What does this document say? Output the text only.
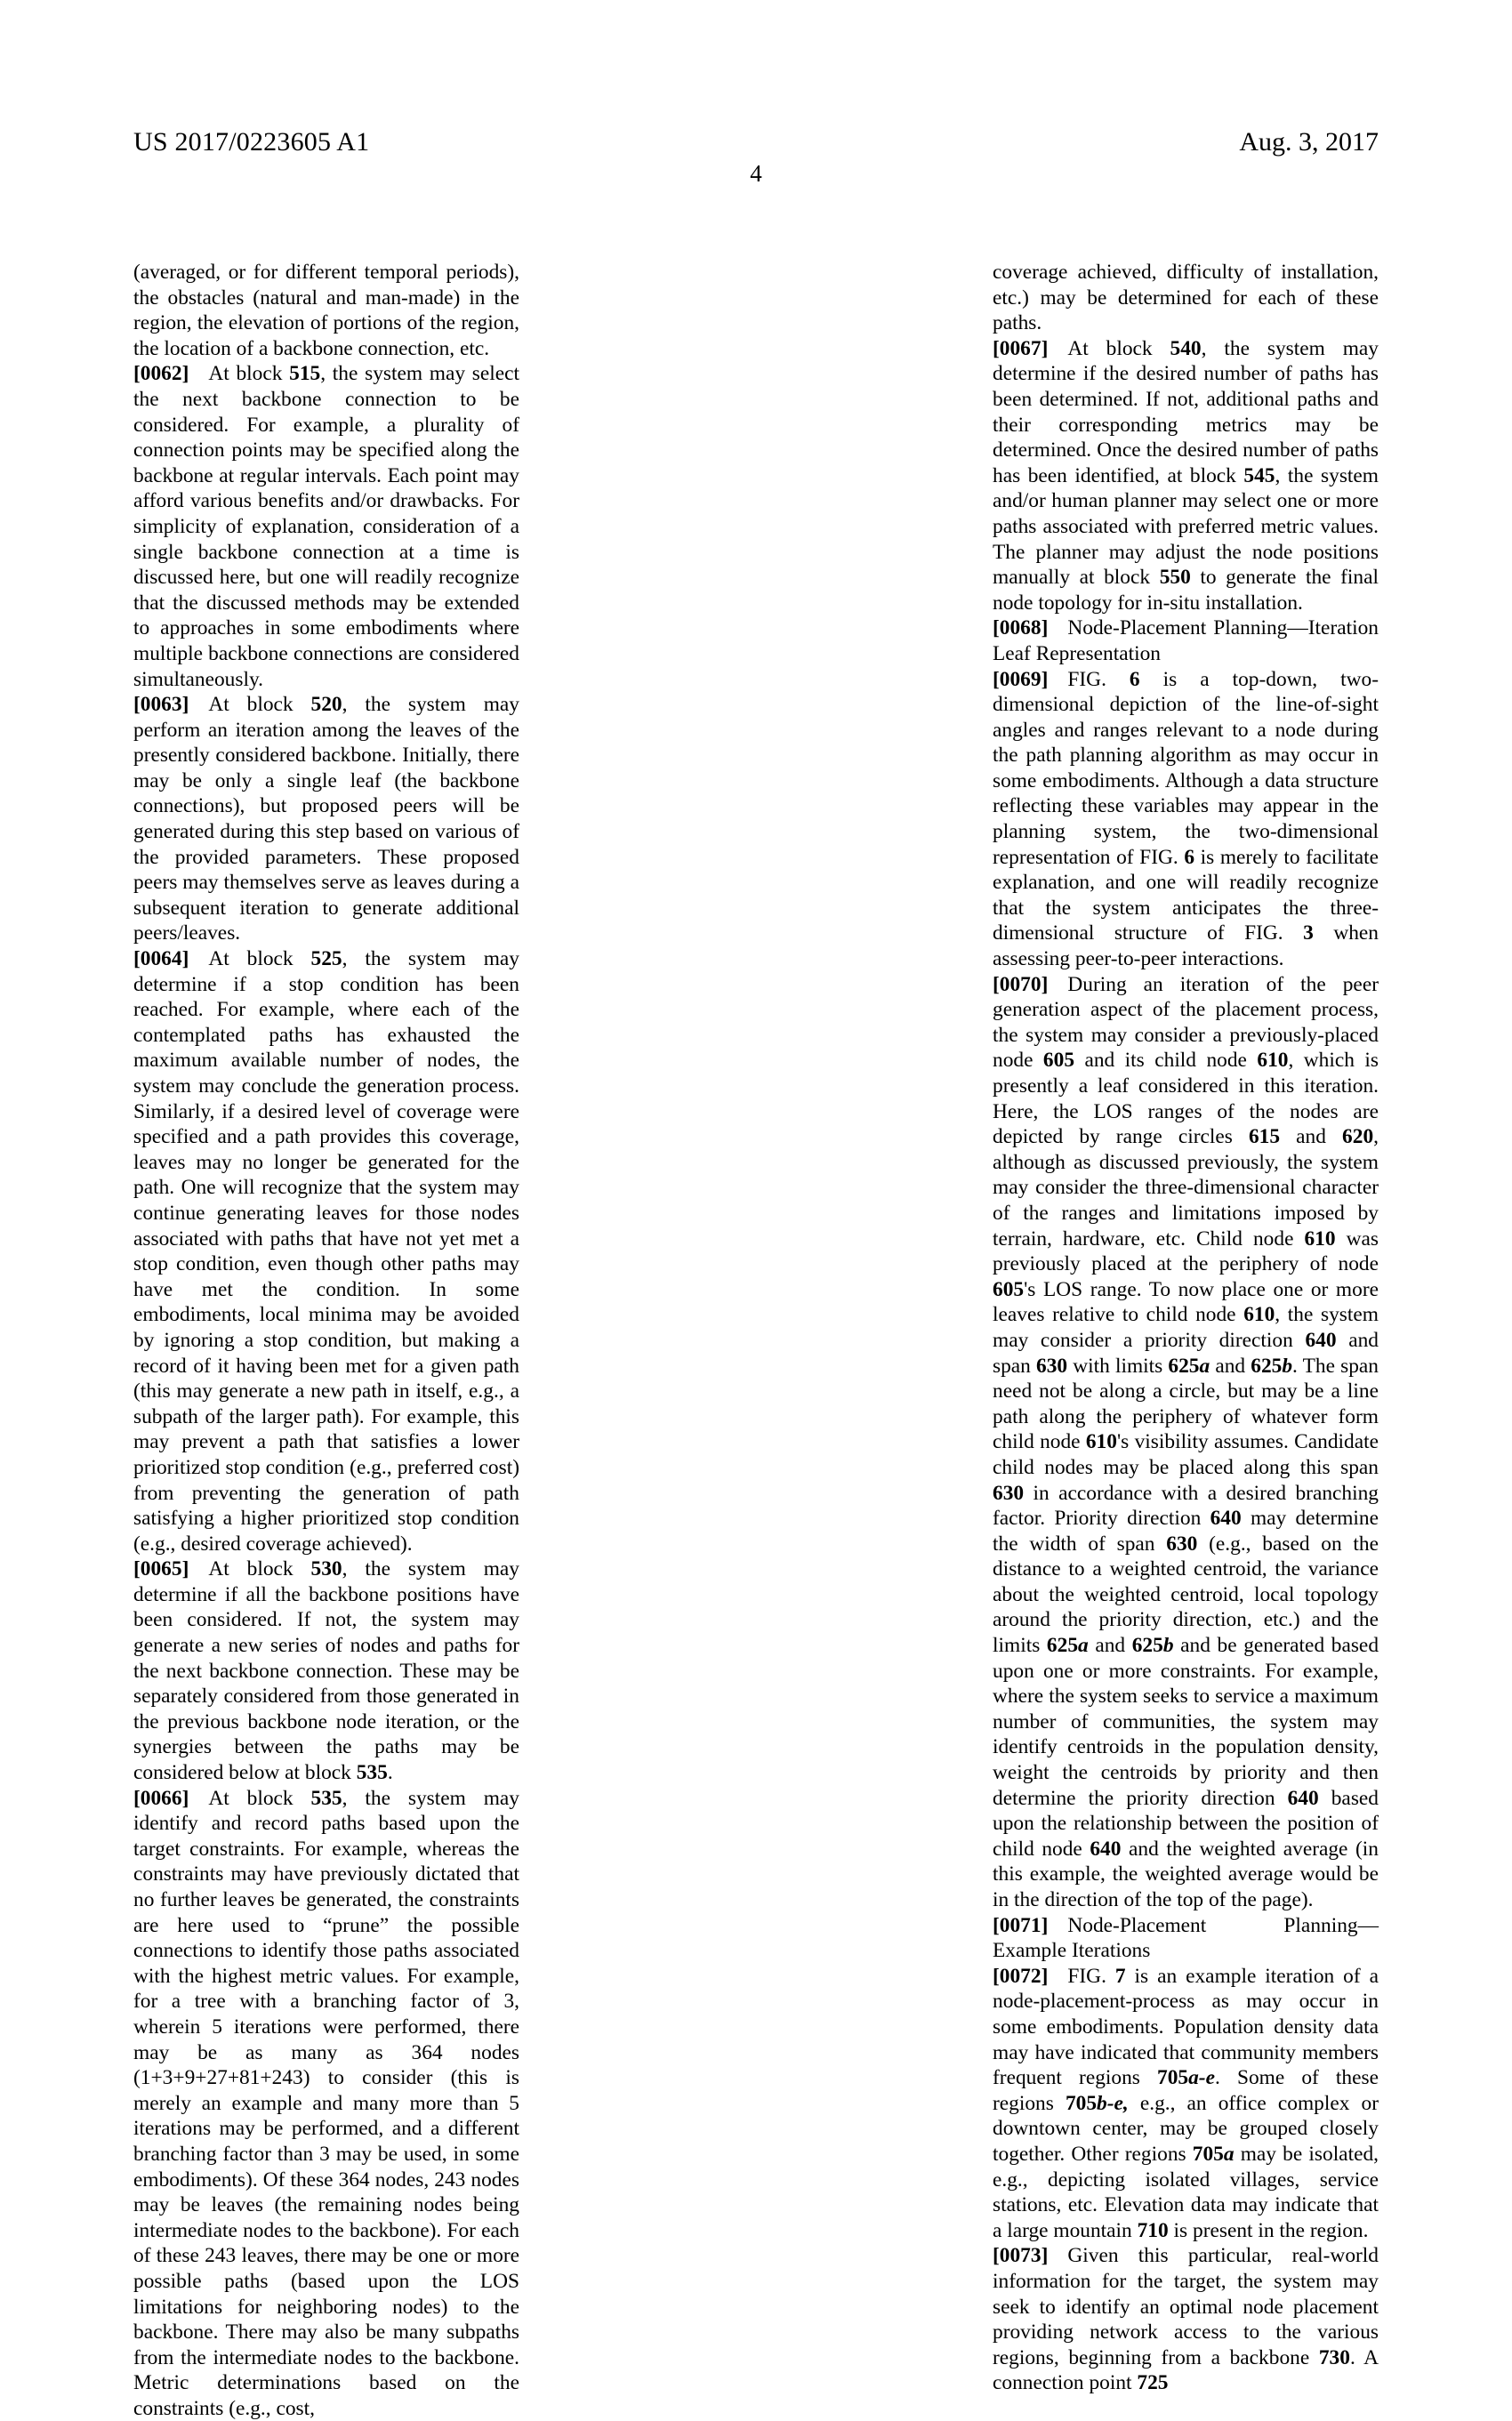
US 2017/0223605 A1	Aug. 3, 2017
4

(averaged, or for different temporal periods), the obstacles (natural and man-made) in the region, the elevation of portions of the region, the location of a backbone connection, etc.

[0062] At block 515, the system may select the next backbone connection to be considered. For example, a plurality of connection points may be specified along the backbone at regular intervals. Each point may afford various benefits and/or drawbacks. For simplicity of explanation, consideration of a single backbone connection at a time is discussed here, but one will readily recognize that the discussed methods may be extended to approaches in some embodiments where multiple backbone connections are considered simultaneously.

[0063] At block 520, the system may perform an iteration among the leaves of the presently considered backbone. Initially, there may be only a single leaf (the backbone connections), but proposed peers will be generated during this step based on various of the provided parameters. These proposed peers may themselves serve as leaves during a subsequent iteration to generate additional peers/leaves.

[0064] At block 525, the system may determine if a stop condition has been reached. For example, where each of the contemplated paths has exhausted the maximum available number of nodes, the system may conclude the generation process. Similarly, if a desired level of coverage were specified and a path provides this coverage, leaves may no longer be generated for the path. One will recognize that the system may continue generating leaves for those nodes associated with paths that have not yet met a stop condition, even though other paths may have met the condition. In some embodiments, local minima may be avoided by ignoring a stop condition, but making a record of it having been met for a given path (this may generate a new path in itself, e.g., a subpath of the larger path). For example, this may prevent a path that satisfies a lower prioritized stop condition (e.g., preferred cost) from preventing the generation of path satisfying a higher prioritized stop condition (e.g., desired coverage achieved).

[0065] At block 530, the system may determine if all the backbone positions have been considered. If not, the system may generate a new series of nodes and paths for the next backbone connection. These may be separately considered from those generated in the previous backbone node iteration, or the synergies between the paths may be considered below at block 535.

[0066] At block 535, the system may identify and record paths based upon the target constraints. For example, whereas the constraints may have previously dictated that no further leaves be generated, the constraints are here used to “prune” the possible connections to identify those paths associated with the highest metric values. For example, for a tree with a branching factor of 3, wherein 5 iterations were performed, there may be as many as 364 nodes (1+3+9+27+81+243) to consider (this is merely an example and many more than 5 iterations may be performed, and a different branching factor than 3 may be used, in some embodiments). Of these 364 nodes, 243 nodes may be leaves (the remaining nodes being intermediate nodes to the backbone). For each of these 243 leaves, there may be one or more possible paths (based upon the LOS limitations for neighboring nodes) to the backbone. There may also be many subpaths from the intermediate nodes to the backbone. Metric determinations based on the constraints (e.g., cost,

coverage achieved, difficulty of installation, etc.) may be determined for each of these paths.

[0067] At block 540, the system may determine if the desired number of paths has been determined. If not, additional paths and their corresponding metrics may be determined. Once the desired number of paths has been identified, at block 545, the system and/or human planner may select one or more paths associated with preferred metric values. The planner may adjust the node positions manually at block 550 to generate the final node topology for in-situ installation.

[0068] Node-Placement Planning—Iteration Leaf Representation

[0069] FIG. 6 is a top-down, two-dimensional depiction of the line-of-sight angles and ranges relevant to a node during the path planning algorithm as may occur in some embodiments. Although a data structure reflecting these variables may appear in the planning system, the two-dimensional representation of FIG. 6 is merely to facilitate explanation, and one will readily recognize that the system anticipates the three-dimensional structure of FIG. 3 when assessing peer-to-peer interactions.

[0070] During an iteration of the peer generation aspect of the placement process, the system may consider a previously-placed node 605 and its child node 610, which is presently a leaf considered in this iteration. Here, the LOS ranges of the nodes are depicted by range circles 615 and 620, although as discussed previously, the system may consider the three-dimensional character of the ranges and limitations imposed by terrain, hardware, etc. Child node 610 was previously placed at the periphery of node 605's LOS range. To now place one or more leaves relative to child node 610, the system may consider a priority direction 640 and span 630 with limits 625a and 625b. The span need not be along a circle, but may be a line path along the periphery of whatever form child node 610's visibility assumes. Candidate child nodes may be placed along this span 630 in accordance with a desired branching factor. Priority direction 640 may determine the width of span 630 (e.g., based on the distance to a weighted centroid, the variance about the weighted centroid, local topology around the priority direction, etc.) and the limits 625a and 625b and be generated based upon one or more constraints. For example, where the system seeks to service a maximum number of communities, the system may identify centroids in the population density, weight the centroids by priority and then determine the priority direction 640 based upon the relationship between the position of child node 640 and the weighted average (in this example, the weighted average would be in the direction of the top of the page).

[0071] Node-Placement Planning—Example Iterations

[0072] FIG. 7 is an example iteration of a node-placement-process as may occur in some embodiments. Population density data may have indicated that community members frequent regions 705a-e. Some of these regions 705b-e, e.g., an office complex or downtown center, may be grouped closely together. Other regions 705a may be isolated, e.g., depicting isolated villages, service stations, etc. Elevation data may indicate that a large mountain 710 is present in the region.

[0073] Given this particular, real-world information for the target, the system may seek to identify an optimal node placement providing network access to the various regions, beginning from a backbone 730. A connection point 725
